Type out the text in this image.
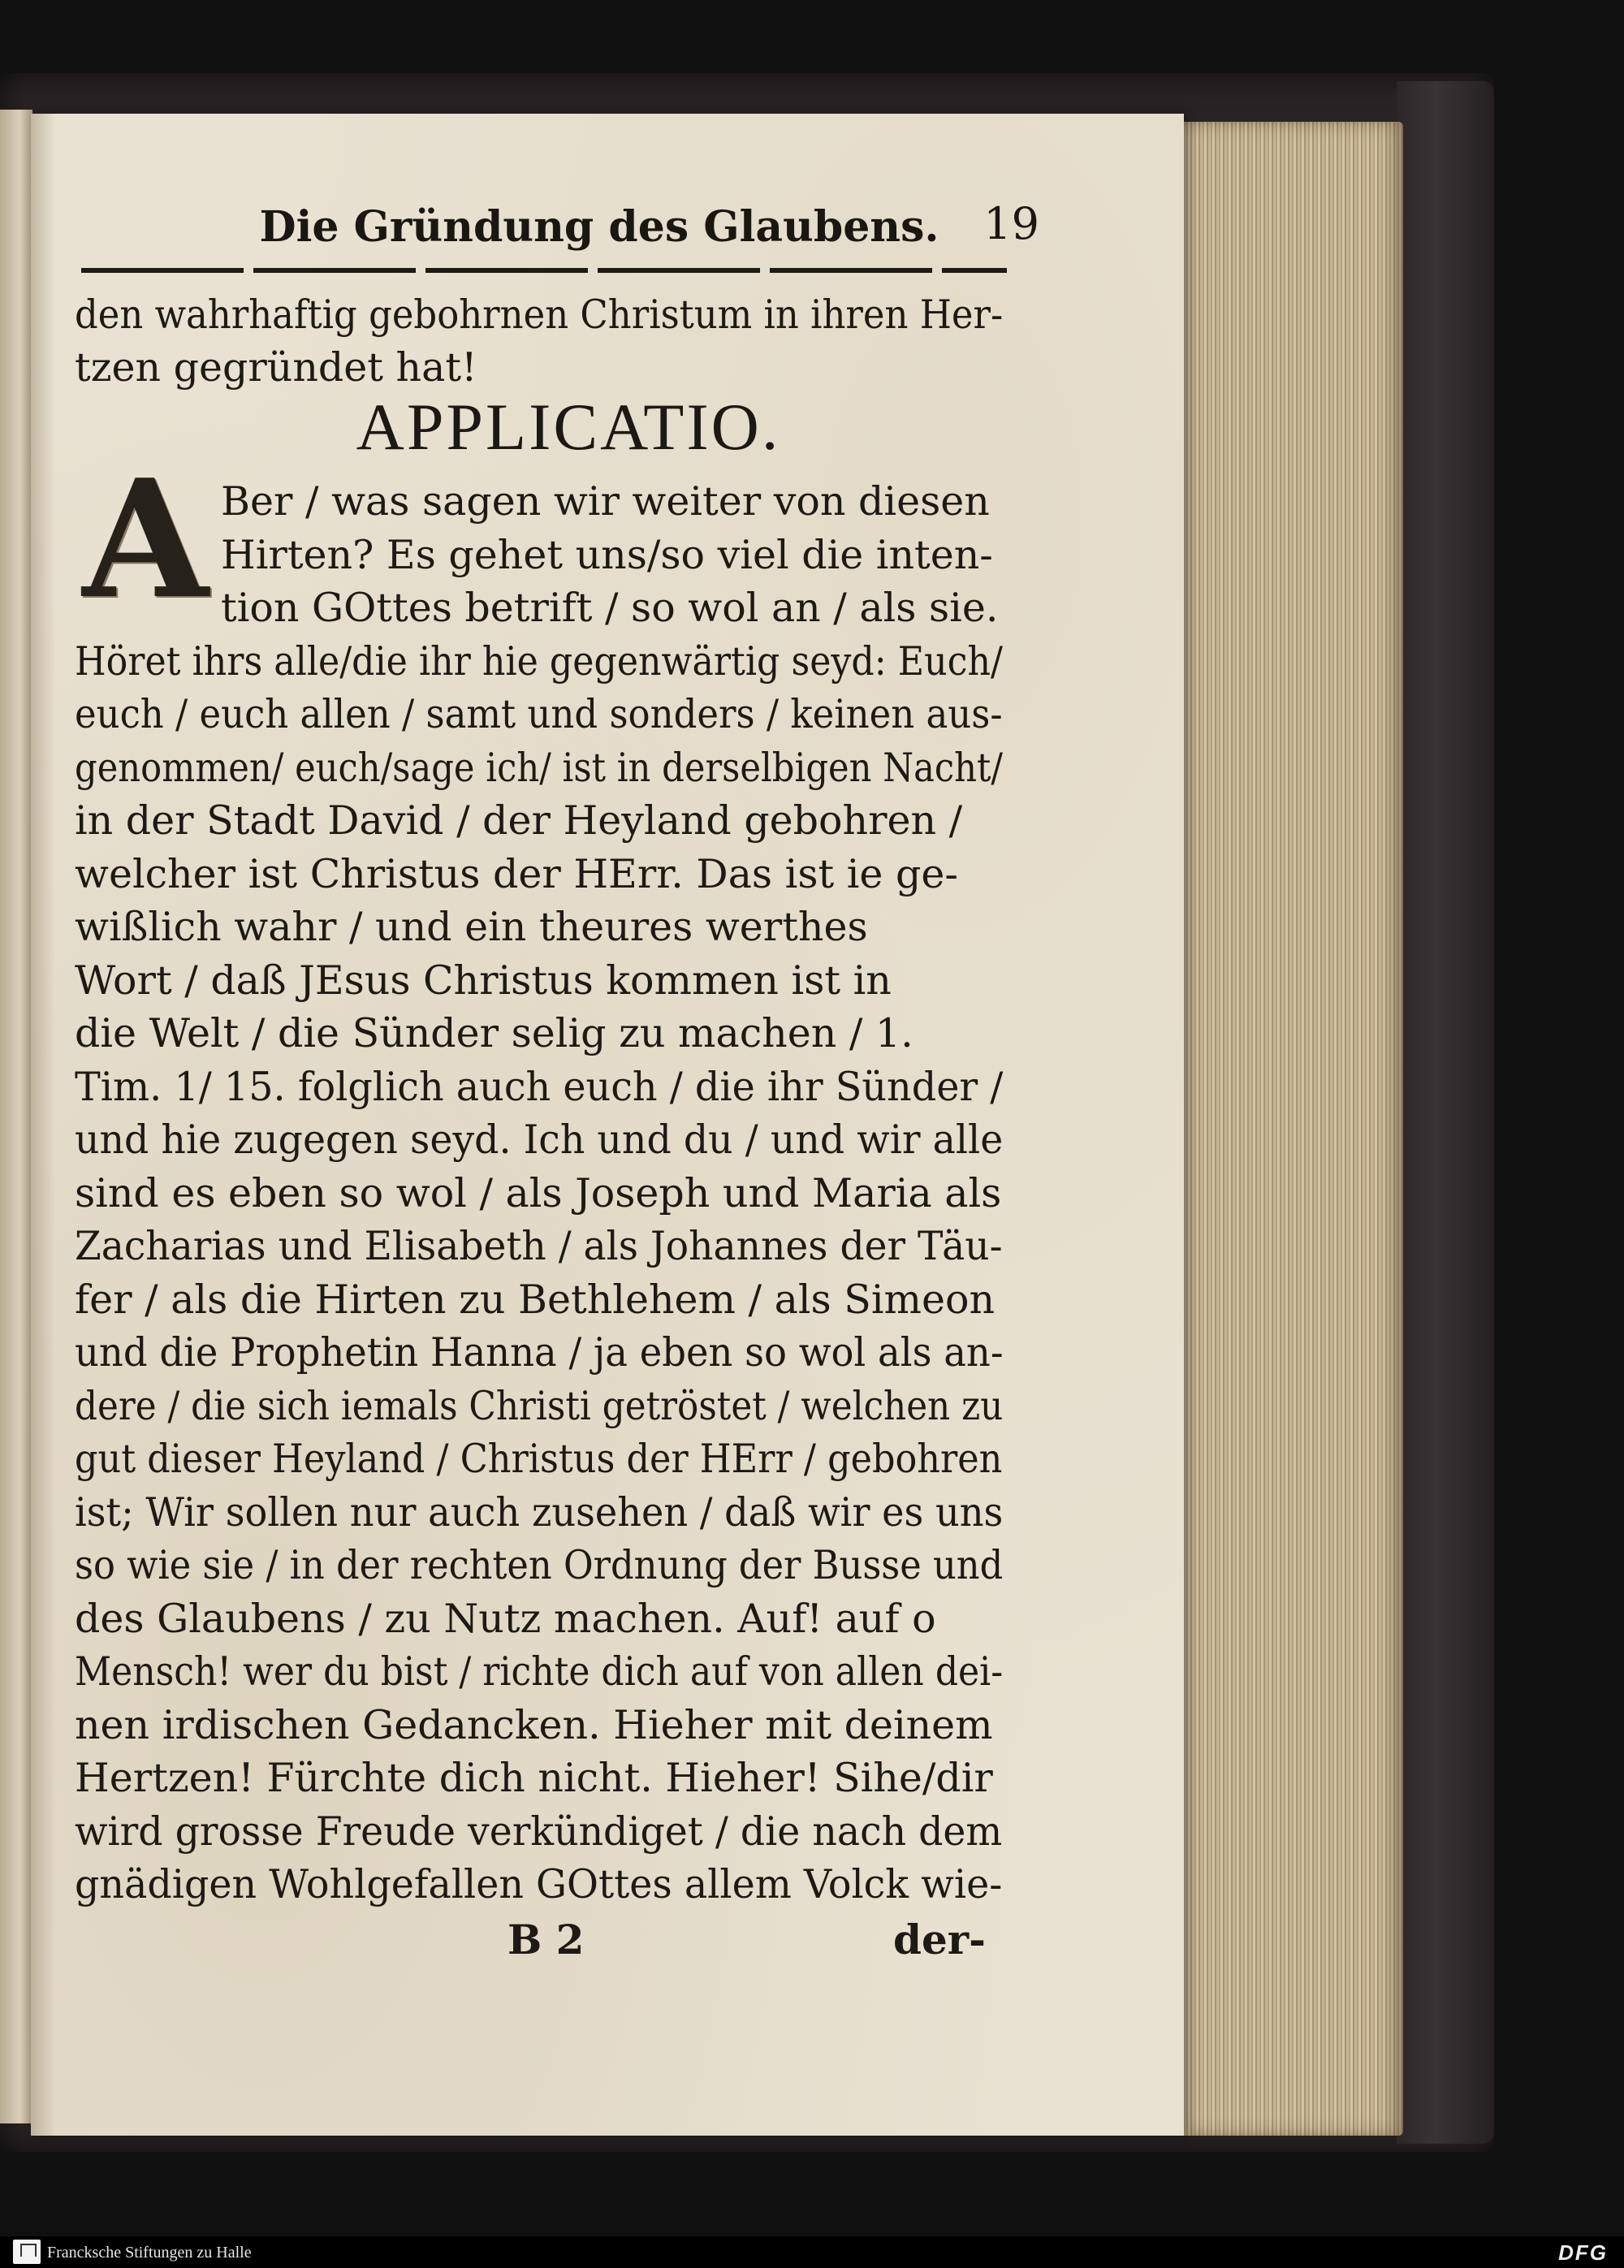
Die Gründung des Glaubens.	19
APPLICATIO.
A
den wahrhaftig gebohrnen Christum in ihren Her-
tzen gegründet hat!
Ber / was sagen wir weiter von diesen
Hirten? Es gehet uns/so viel die inten-
tion GOttes betrift / so wol an / als sie.
Höret ihrs alle/die ihr hie gegenwärtig seyd: Euch/
euch / euch allen / samt und sonders / keinen aus-
genommen/ euch/sage ich/ ist in derselbigen Nacht/
in der Stadt David / der Heyland gebohren /
welcher ist Christus der HErr. Das ist ie ge-
wißlich wahr / und ein theures werthes
Wort / daß JEsus Christus kommen ist in
die Welt / die Sünder selig zu machen / 1.
Tim. 1/ 15. folglich auch euch / die ihr Sünder /
und hie zugegen seyd. Ich und du / und wir alle
sind es eben so wol / als Joseph und Maria als
Zacharias und Elisabeth / als Johannes der Täu-
fer / als die Hirten zu Bethlehem / als Simeon
und die Prophetin Hanna / ja eben so wol als an-
dere / die sich iemals Christi getröstet / welchen zu
gut dieser Heyland / Christus der HErr / gebohren
ist; Wir sollen nur auch zusehen / daß wir es uns
so wie sie / in der rechten Ordnung der Busse und
des Glaubens / zu Nutz machen. Auf! auf o
Mensch! wer du bist / richte dich auf von allen dei-
nen irdischen Gedancken. Hieher mit deinem
Hertzen! Fürchte dich nicht. Hieher! Sihe/dir
wird grosse Freude verkündiget / die nach dem
gnädigen Wohlgefallen GOttes allem Volck wie-
B 2	der-
Francksche Stiftungen zu Halle	DFG
